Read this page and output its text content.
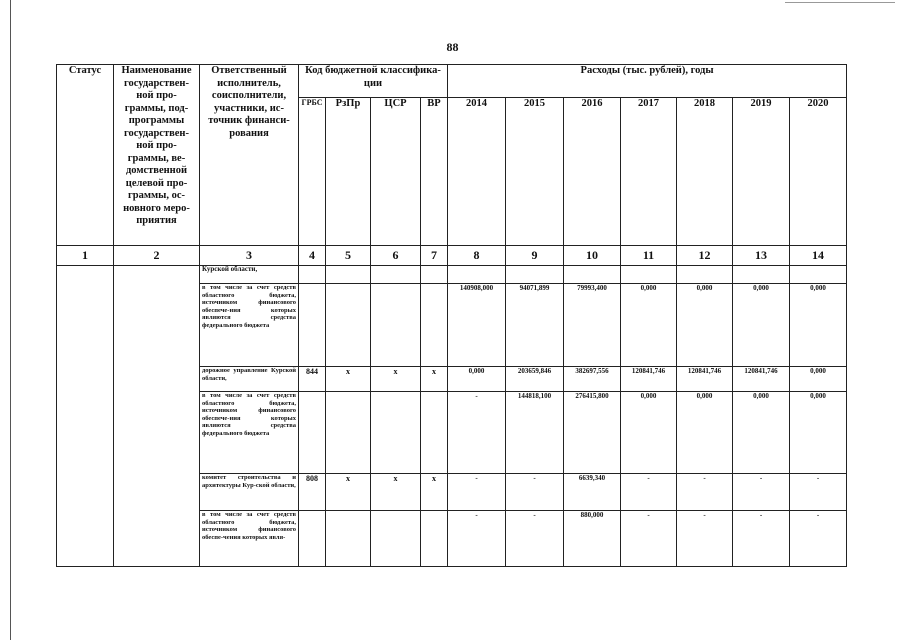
88
Статус	Наименование государствен-ной про-граммы, под-программы государствен-ной про-граммы, ве-домственной целевой про-граммы, ос-новного меро-приятия	Ответственный исполнитель, соисполнители, участники, ис-точник финанси-рования	Код бюджетной классифика-ции				Расходы (тыс. рублей), годы						
			ГРБС	РзПр	ЦСР	ВР	2014	2015	2016	2017	2018	2019	2020
1	2	3	4	5	6	7	8	9	10	11	12	13	14
		Курской области,											
		в том числе за счет средств областного бюджета, источником финансового обеспече-ния которых являются средства федерального бюджета					140908,000	94071,899	79993,400	0,000	0,000	0,000	0,000
		дорожное управление Курской области,	844	х	х	х	0,000	203659,846	382697,556	120841,746	120841,746	120841,746	0,000
		в том числе за счет средств областного бюджета, источником финансового обеспече-ния которых являются средства федерального бюджета					-	144818,100	276415,800	0,000	0,000	0,000	0,000
		комитет строительства и архитектуры Кур-ской области,	808	х	х	х	-	-	6639,340	-	-	-	-
		в том числе за счет средств областного бюджета, источником финансового обеспе-чения которых явля-					-	-	880,000	-	-	-	-
